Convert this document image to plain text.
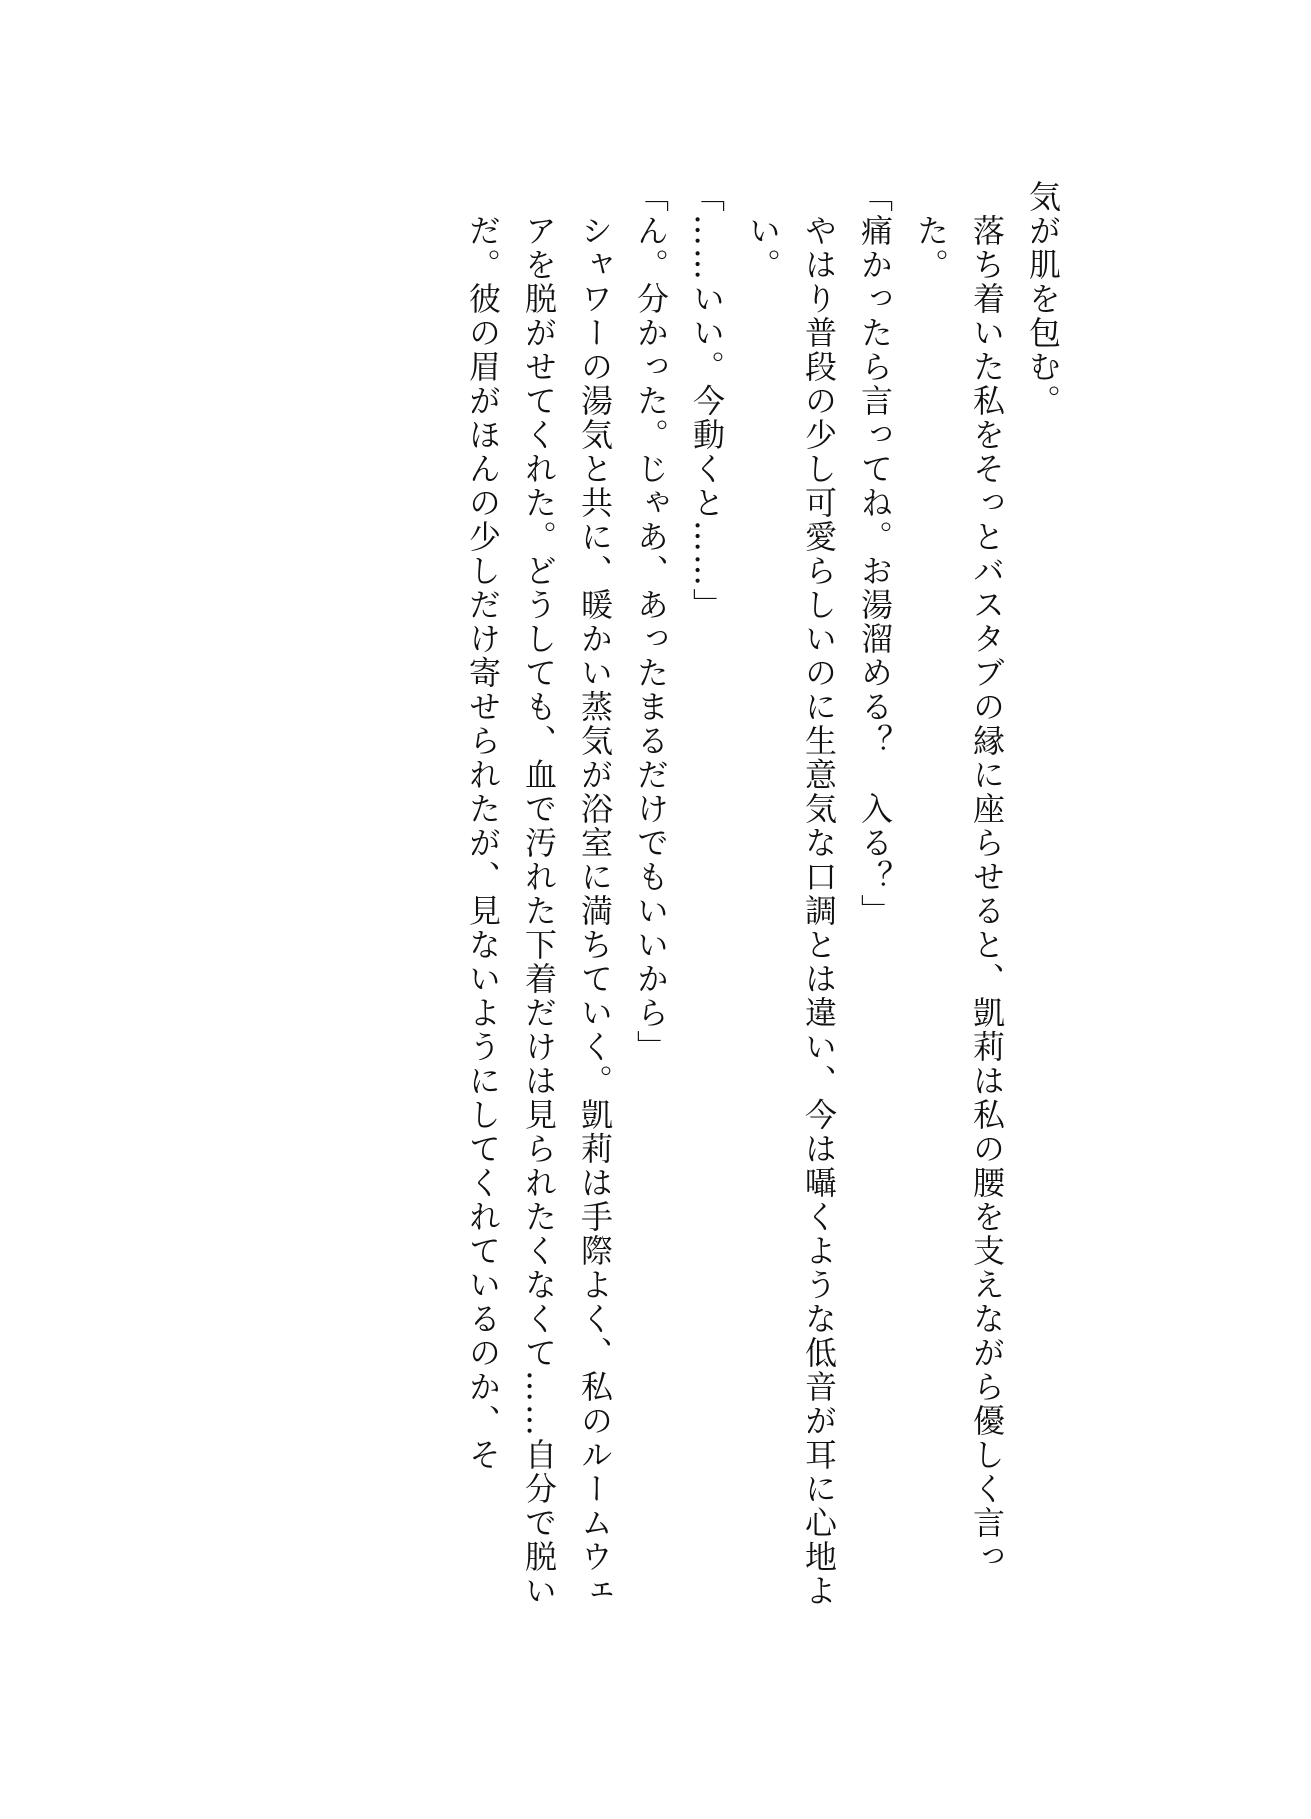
気が肌を包む。

落ち着いた私をそっとバスタブの縁に座らせると、凱莉は私の腰を支えながら優しく言った。

「痛かったら言ってね。お湯溜める？　入る？」

やはり普段の少し可愛らしいのに生意気な口調とは違い、今は囁くような低音が耳に心地よい。

「……いい。今動くと……」

「ん。分かった。じゃあ、あったまるだけでもいいから」

シャワーの湯気と共に、暖かい蒸気が浴室に満ちていく。凱莉は手際よく、私のルームウェアを脱がせてくれた。どうしても、血で汚れた下着だけは見られたくなくて……自分で脱いだ。彼の眉がほんの少しだけ寄せられたが、見ないようにしてくれているのか、そ
